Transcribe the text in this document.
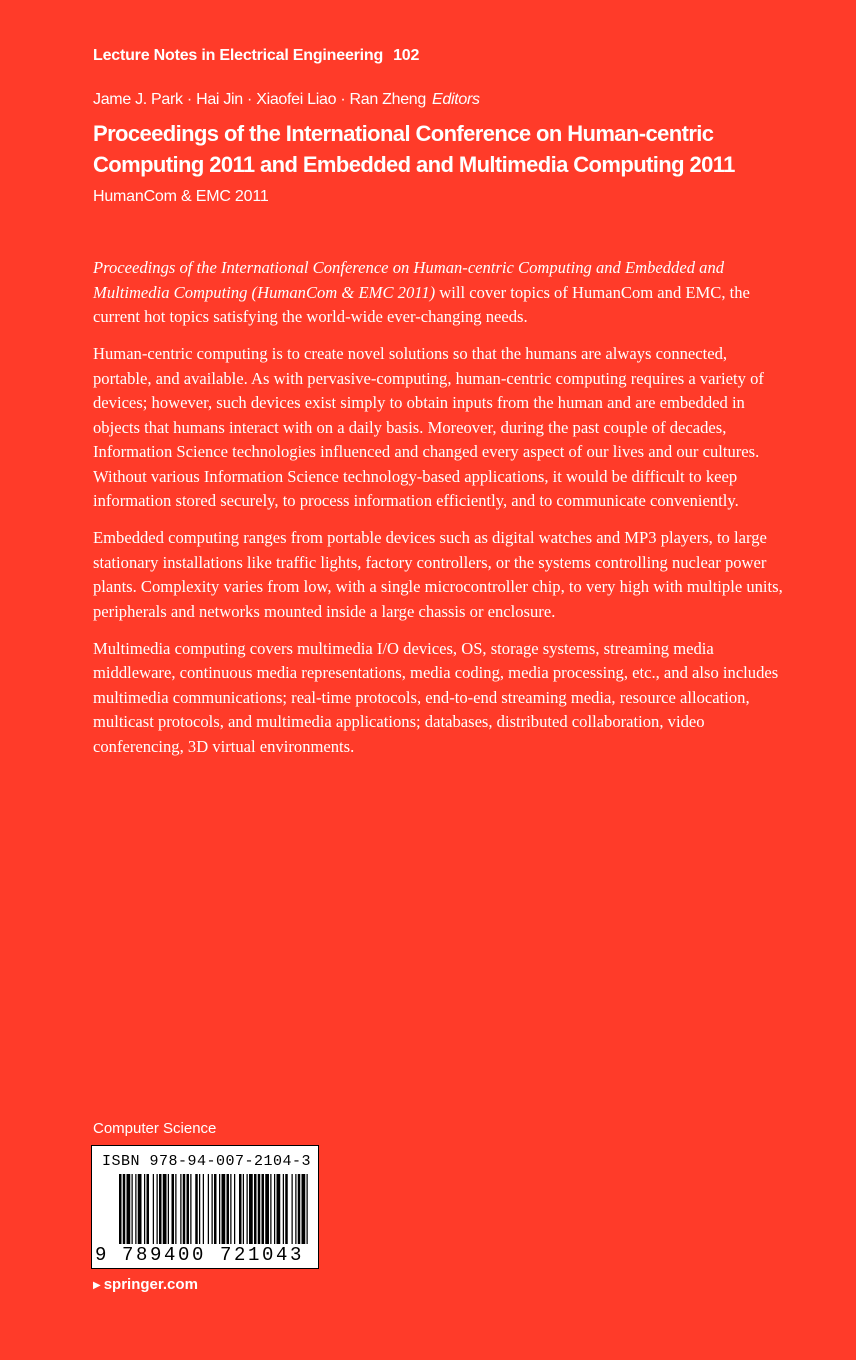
Lecture Notes in Electrical Engineering 102
Jame J. Park · Hai Jin · Xiaofei Liao · Ran Zheng Editors
Proceedings of the International Conference on Human-centric Computing 2011 and Embedded and Multimedia Computing 2011
HumanCom & EMC 2011

Proceedings of the International Conference on Human-centric Computing and Embedded and Multimedia Computing (HumanCom & EMC 2011) will cover topics of HumanCom and EMC, the current hot topics satisfying the world-wide ever-changing needs.

Human-centric computing is to create novel solutions so that the humans are always connected, portable, and available. As with pervasive-computing, human-centric computing requires a variety of devices; however, such devices exist simply to obtain inputs from the human and are embedded in objects that humans interact with on a daily basis. Moreover, during the past couple of decades, Information Science technologies influenced and changed every aspect of our lives and our cultures. Without various Information Science technology-based applications, it would be difficult to keep information stored securely, to process information efficiently, and to communicate conveniently.

Embedded computing ranges from portable devices such as digital watches and MP3 players, to large stationary installations like traffic lights, factory controllers, or the systems controlling nuclear power plants. Complexity varies from low, with a single microcontroller chip, to very high with multiple units, peripherals and networks mounted inside a large chassis or enclosure.

Multimedia computing covers multimedia I/O devices, OS, storage systems, streaming media middleware, continuous media representations, media coding, media processing, etc., and also includes multimedia communications; real-time protocols, end-to-end streaming media, resource allocation, multicast protocols, and multimedia applications; databases, distributed collaboration, video conferencing, 3D virtual environments.

Computer Science
ISBN 978-94-007-2104-3
9 789400 721043
▶ springer.com
